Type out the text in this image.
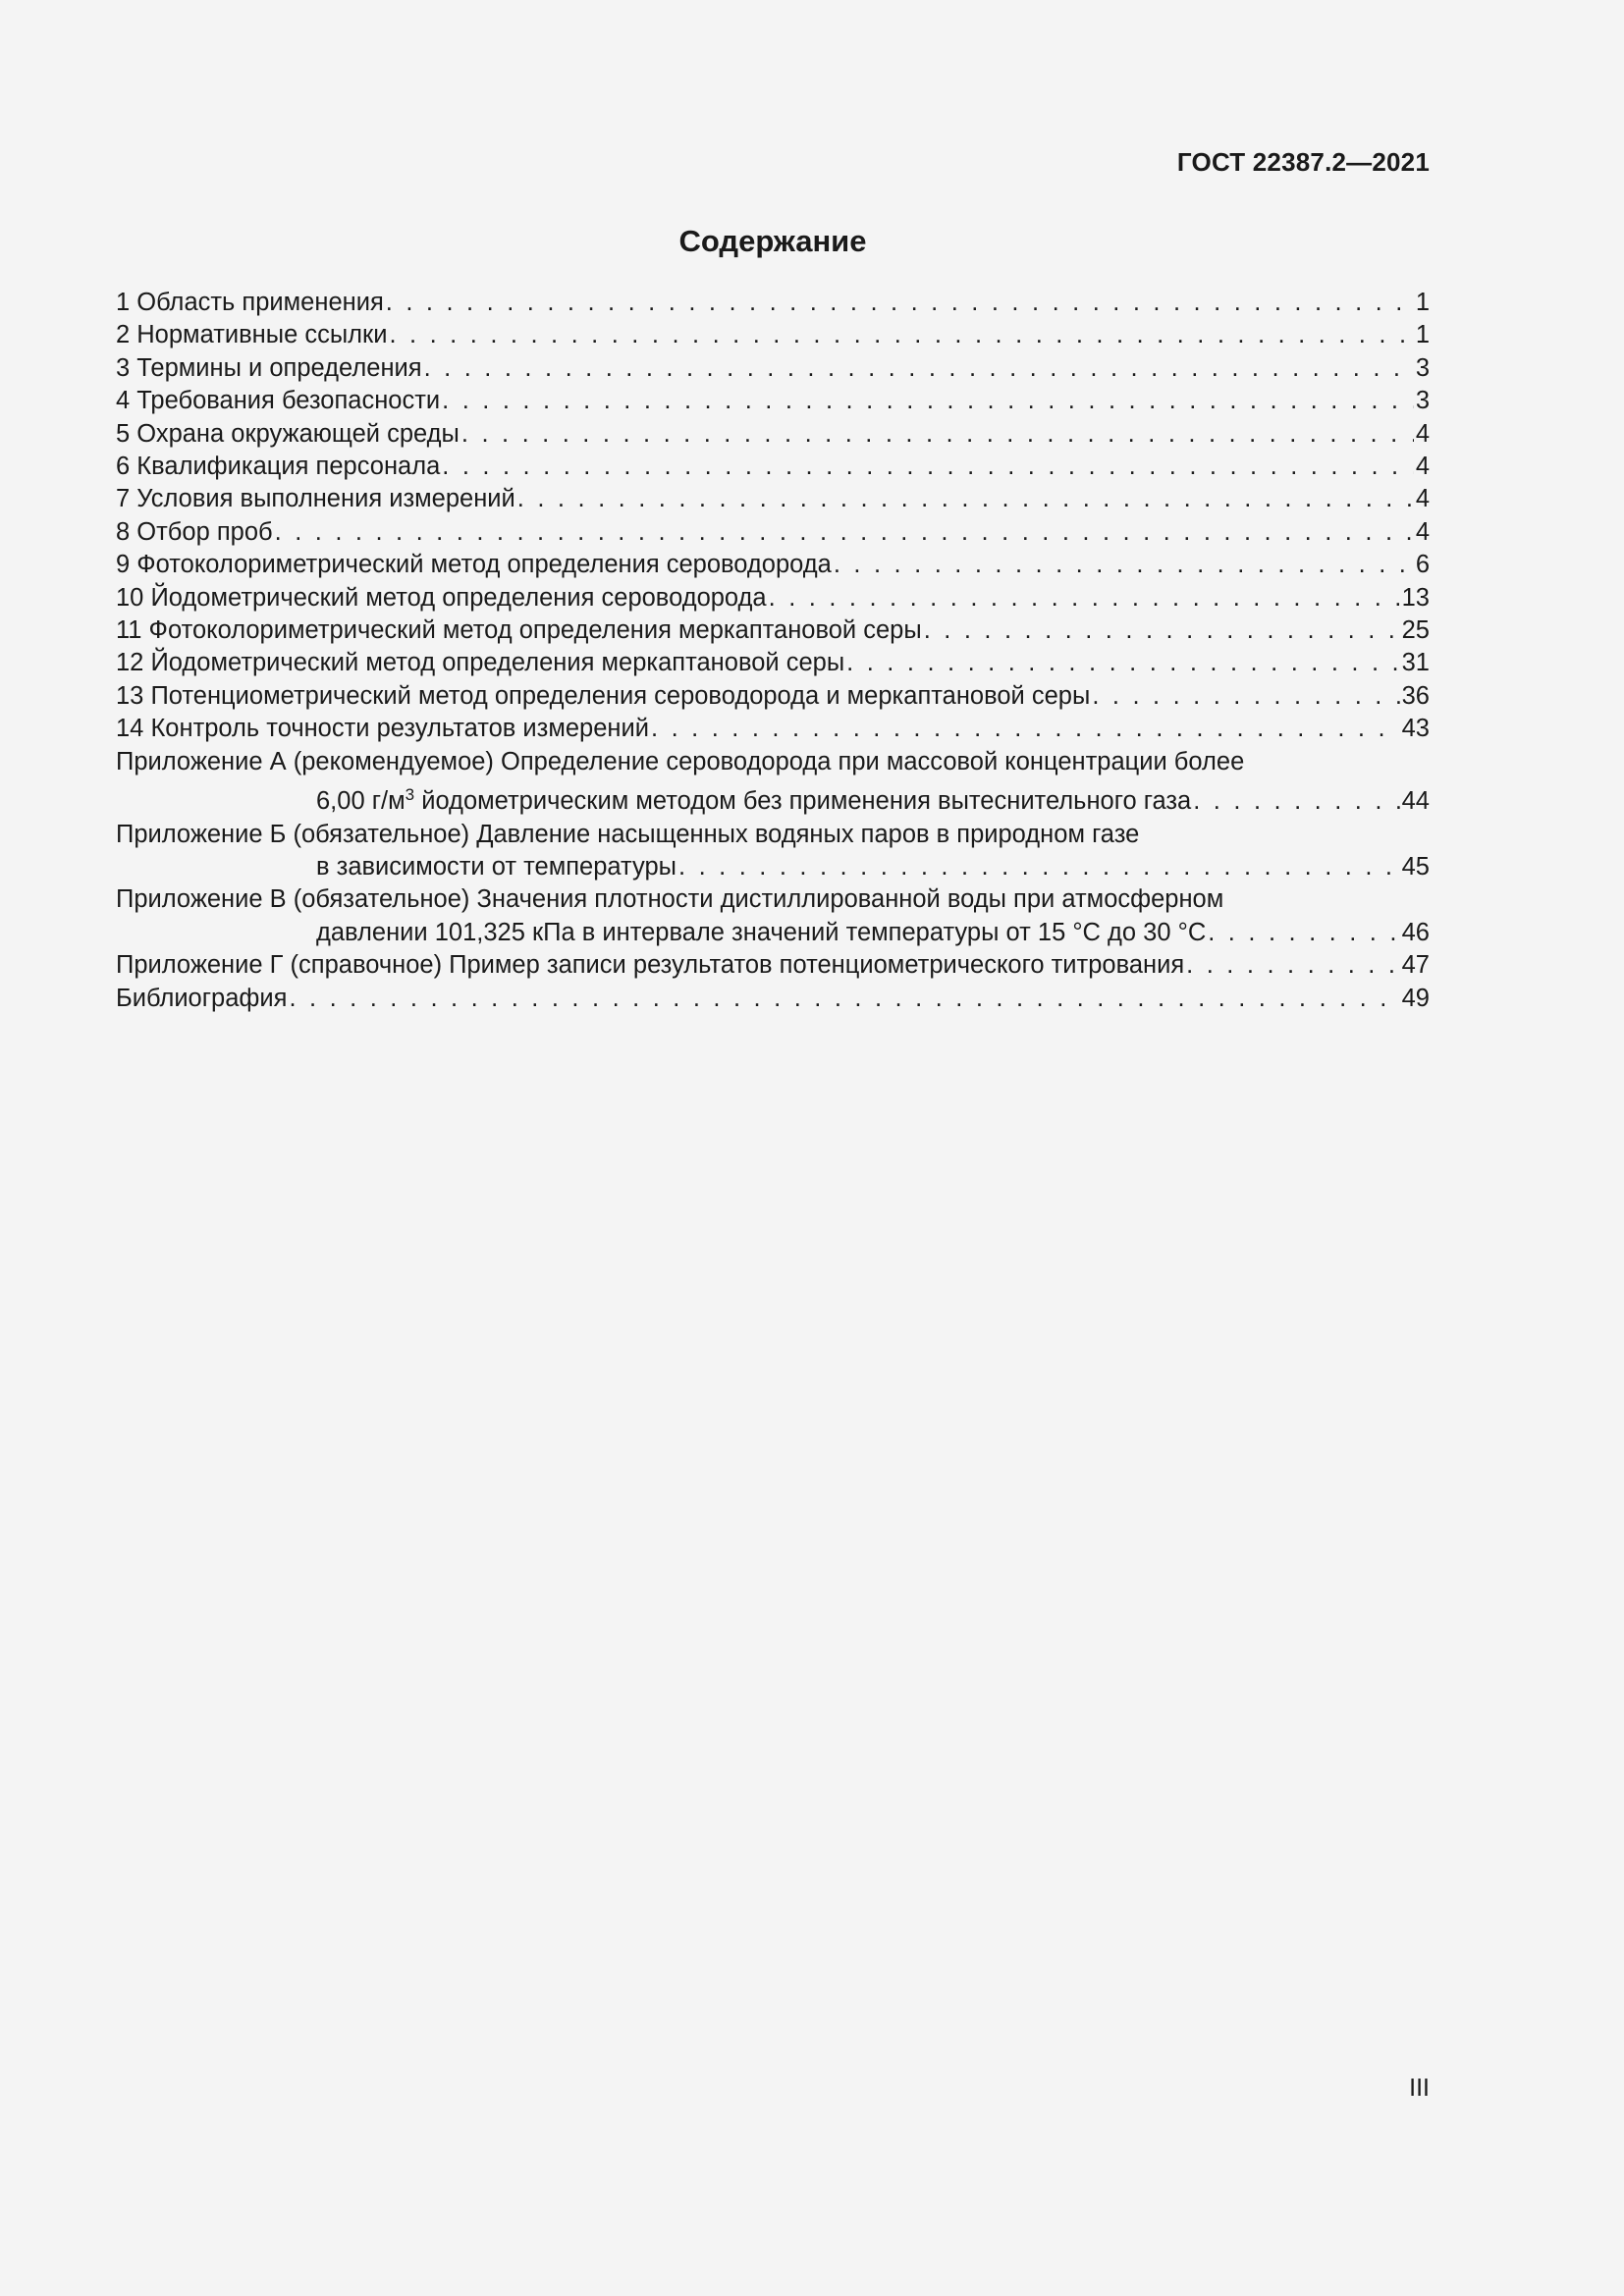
ГОСТ 22387.2—2021
Содержание
1 Область применения . . .	1
2 Нормативные ссылки . . .	1
3 Термины и определения . . .	3
4 Требования безопасности . . .	3
5 Охрана окружающей среды . . .	4
6 Квалификация персонала . . .	4
7 Условия выполнения измерений . . .	4
8 Отбор проб . . .	4
9 Фотоколориметрический метод определения сероводорода . . .	6
10 Йодометрический метод определения сероводорода . . .	13
11 Фотоколориметрический метод определения меркаптановой серы . . .	25
12 Йодометрический метод определения меркаптановой серы . . .	31
13 Потенциометрический метод определения сероводорода и меркаптановой серы . . .	36
14 Контроль точности результатов измерений . . .	43
Приложение А (рекомендуемое) Определение сероводорода при массовой концентрации более
6,00 $г/м^3$ йодометрическим методом без применения вытеснительного газа . . .	44
Приложение Б (обязательное) Давление насыщенных водяных паров в природном газе
в зависимости от температуры . . .	45
Приложение В (обязательное) Значения плотности дистиллированной воды при атмосферном
давлении 101,325 кПа в интервале значений температуры от 15 °С до 30 °С . . .	46
Приложение Г (справочное) Пример записи результатов потенциометрического титрования . . .	47
Библиография . . .	49
III
